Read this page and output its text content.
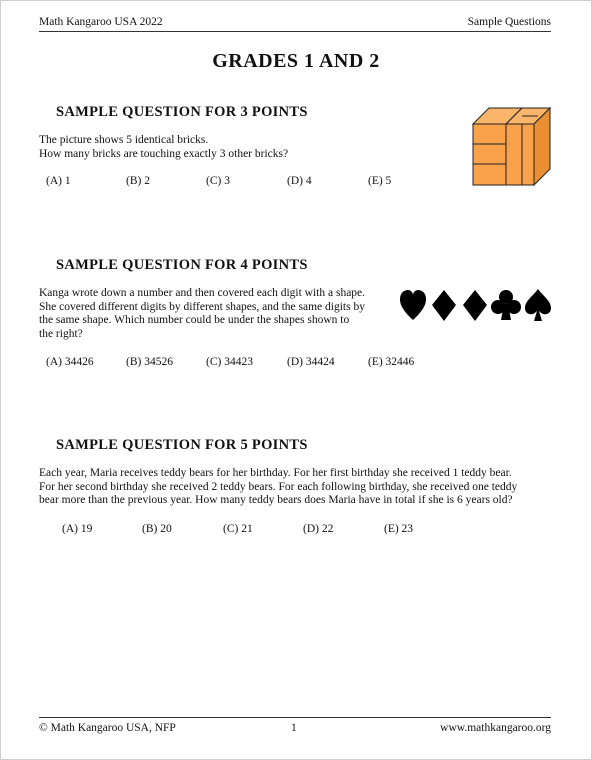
Math Kangaroo USA 2022	Sample Questions
GRADES 1 AND 2
SAMPLE QUESTION FOR 3 POINTS
The picture shows 5 identical bricks.
How many bricks are touching exactly 3 other bricks?
(A) 1	(B) 2	(C) 3	(D) 4	(E) 5
SAMPLE QUESTION FOR 4 POINTS
Kanga wrote down a number and then covered each digit with a shape.
She covered different digits by different shapes, and the same digits by
the same shape. Which number could be under the shapes shown to
the right?
(A) 34426	(B) 34526	(C) 34423	(D) 34424	(E) 32446
SAMPLE QUESTION FOR 5 POINTS
Each year, Maria receives teddy bears for her birthday. For her first birthday she received 1 teddy bear.
For her second birthday she received 2 teddy bears. For each following birthday, she received one teddy
bear more than the previous year. How many teddy bears does Maria have in total if she is 6 years old?
(A) 19	(B) 20	(C) 21	(D) 22	(E) 23
© Math Kangaroo USA, NFP	1	www.mathkangaroo.org
